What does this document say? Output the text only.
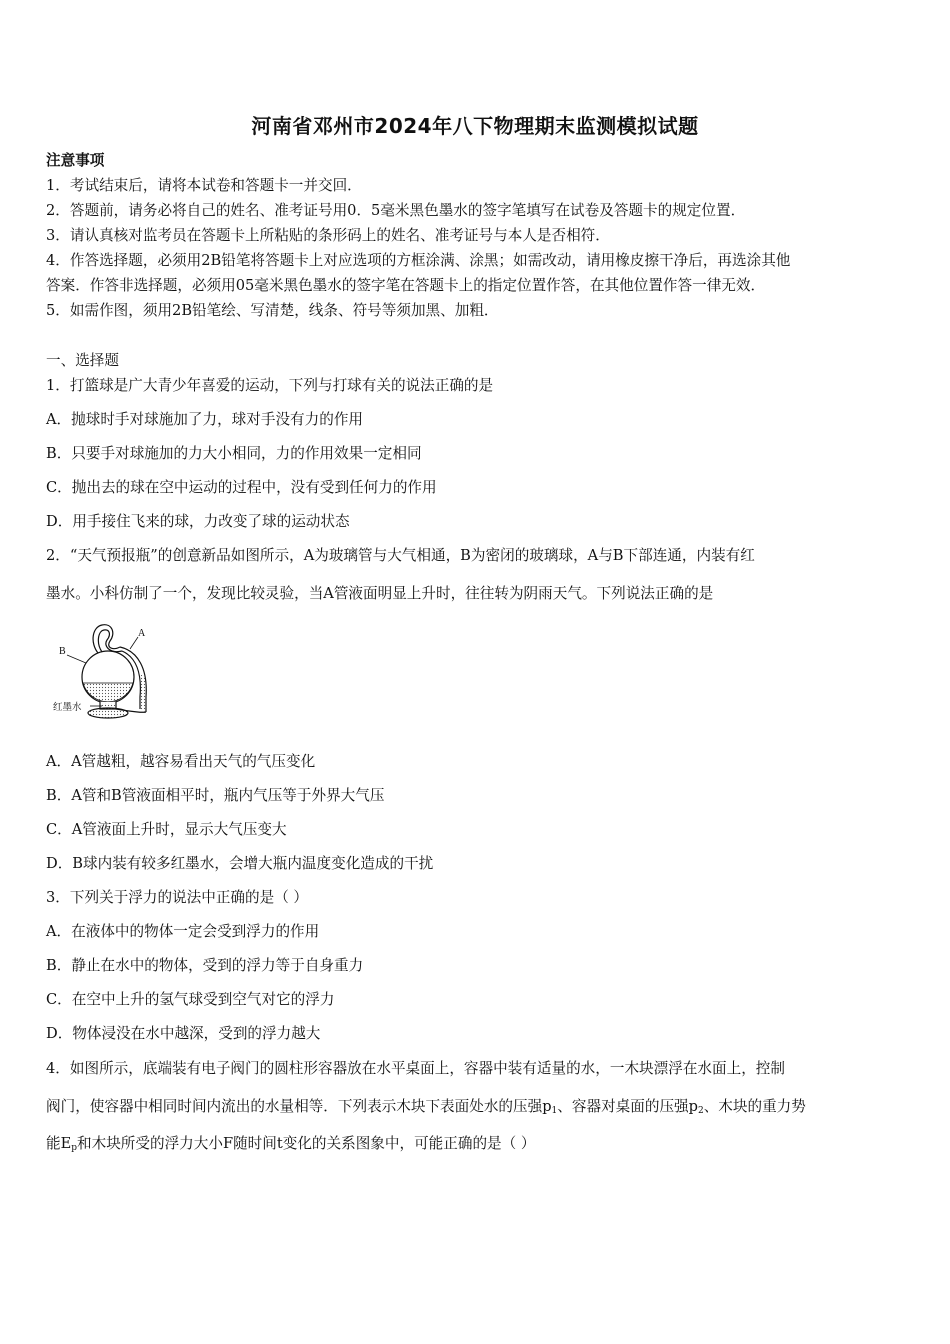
河南省邓州市2024年八下物理期末监测模拟试题
注意事项
1．考试结束后，请将本试卷和答题卡一并交回．
2．答题前，请务必将自己的姓名、准考证号用0．5毫米黑色墨水的签字笔填写在试卷及答题卡的规定位置．
3．请认真核对监考员在答题卡上所粘贴的条形码上的姓名、准考证号与本人是否相符．
4．作答选择题，必须用2B铅笔将答题卡上对应选项的方框涂满、涂黑；如需改动，请用橡皮擦干净后，再选涂其他
答案．作答非选择题，必须用05毫米黑色墨水的签字笔在答题卡上的指定位置作答，在其他位置作答一律无效．
5．如需作图，须用2B铅笔绘、写清楚，线条、符号等须加黑、加粗．
一、选择题
1．打篮球是广大青少年喜爱的运动，下列与打球有关的说法正确的是
A．抛球时手对球施加了力，球对手没有力的作用
B．只要手对球施加的力大小相同，力的作用效果一定相同
C．抛出去的球在空中运动的过程中，没有受到任何力的作用
D．用手接住飞来的球，力改变了球的运动状态
2．“天气预报瓶”的创意新品如图所示，A为玻璃管与大气相通，B为密闭的玻璃球，A与B下部连通，内装有红
墨水。小科仿制了一个，发现比较灵验，当A管液面明显上升时，往往转为阴雨天气。下列说法正确的是
B
A
红墨水
A．A管越粗，越容易看出天气的气压变化
B．A管和B管液面相平时，瓶内气压等于外界大气压
C．A管液面上升时，显示大气压变大
D．B球内装有较多红墨水，会增大瓶内温度变化造成的干扰
3．下列关于浮力的说法中正确的是（ ）
A．在液体中的物体一定会受到浮力的作用
B．静止在水中的物体，受到的浮力等于自身重力
C．在空中上升的氢气球受到空气对它的浮力
D．物体浸没在水中越深，受到的浮力越大
4．如图所示，底端装有电子阀门的圆柱形容器放在水平桌面上，容器中装有适量的水，一木块漂浮在水面上，控制
阀门，使容器中相同时间内流出的水量相等．下列表示木块下表面处水的压强$p_1$、容器对桌面的压强$p_2$、木块的重力势
能$E_p$和木块所受的浮力大小F随时间t变化的关系图象中，可能正确的是（ ）
